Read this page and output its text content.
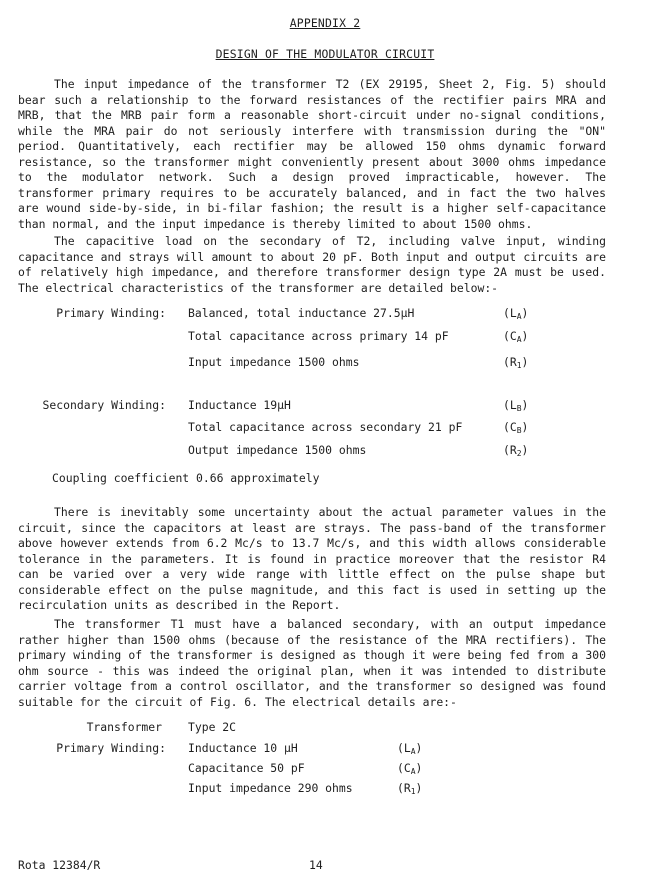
APPENDIX 2
DESIGN OF THE MODULATOR CIRCUIT
The input impedance of the transformer T2 (EX 29195, Sheet 2, Fig. 5) should bear such a relationship to the forward resistances of the rectifier pairs MRA and MRB, that the MRB pair form a reasonable short-circuit under no-signal conditions, while the MRA pair do not seriously interfere with transmission during the "ON" period. Quantitatively, each rectifier may be allowed 150 ohms dynamic forward resistance, so the transformer might conveniently present about 3000 ohms impedance to the modulator network. Such a design proved impracticable, however. The transformer primary requires to be accurately balanced, and in fact the two halves are wound side-by-side, in bi-filar fashion; the result is a higher self-capacitance than normal, and the input impedance is thereby limited to about 1500 ohms.
The capacitive load on the secondary of T2, including valve input, winding capacitance and strays will amount to about 20 pF. Both input and output circuits are of relatively high impedance, and therefore transformer design type 2A must be used. The electrical characteristics of the transformer are detailed below:-
Primary Winding: Balanced, total inductance 27.5µH	$(L_A)$
Total capacitance across primary 14 pF	$(C_A)$
Input impedance 1500 ohms	$(R_1)$
Secondary Winding: Inductance 19µH	$(L_B)$
Total capacitance across secondary 21 pF	$(C_B)$
Output impedance 1500 ohms	$(R_2)$
Coupling coefficient 0.66 approximately
There is inevitably some uncertainty about the actual parameter values in the circuit, since the capacitors at least are strays. The pass-band of the transformer above however extends from 6.2 Mc/s to 13.7 Mc/s, and this width allows considerable tolerance in the parameters. It is found in practice moreover that the resistor R4 can be varied over a very wide range with little effect on the pulse shape but considerable effect on the pulse magnitude, and this fact is used in setting up the recirculation units as described in the Report.
The transformer T1 must have a balanced secondary, with an output impedance rather higher than 1500 ohms (because of the resistance of the MRA rectifiers). The primary winding of the transformer is designed as though it were being fed from a 300 ohm source - this was indeed the original plan, when it was intended to distribute carrier voltage from a control oscillator, and the transformer so designed was found suitable for the circuit of Fig. 6. The electrical details are:-
Transformer Type 2C
Primary Winding: Inductance 10 µH	$(L_A)$
Capacitance 50 pF	$(C_A)$
Input impedance 290 ohms	$(R_1)$
Rota 12384/R	14
